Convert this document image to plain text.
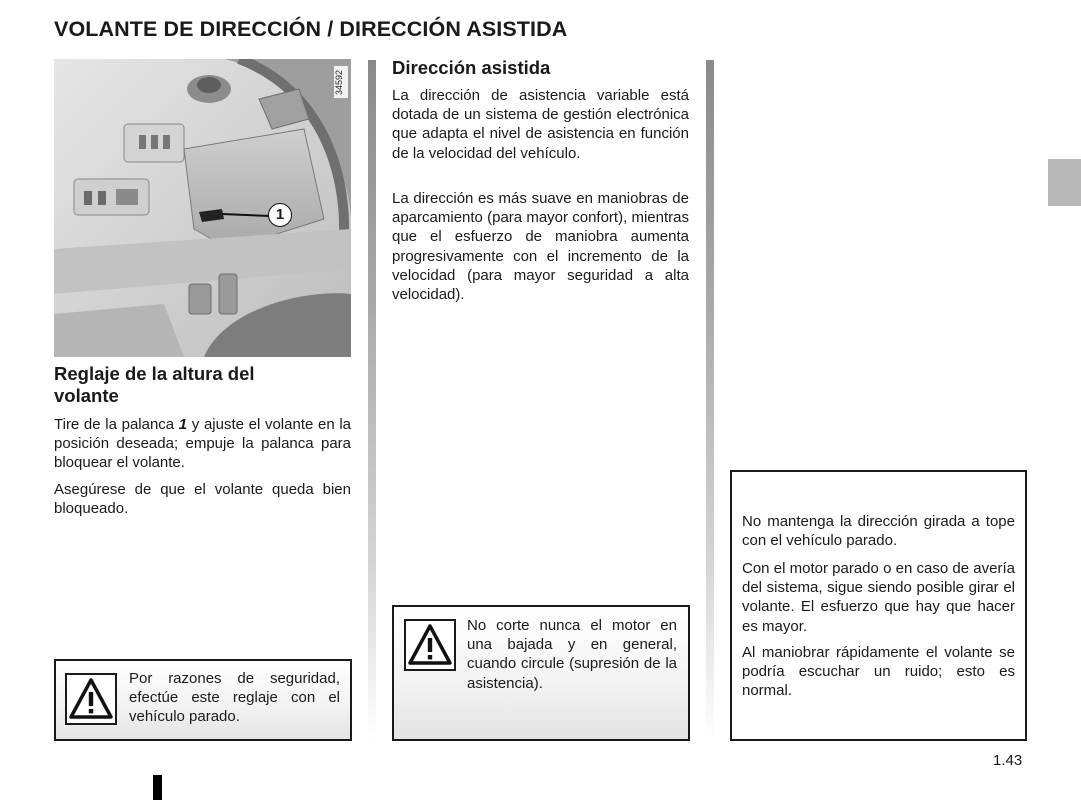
VOLANTE DE DIRECCIÓN / DIRECCIÓN ASISTIDA
34592
1
Reglaje de la altura del volante

Tire de la palanca 1 y ajuste el volante en la posición deseada; empuje la palanca para bloquear el volante.

Asegúrese de que el volante queda bien bloqueado.

Por razones de seguridad, efectúe este reglaje con el vehículo parado.

Dirección asistida

La dirección de asistencia variable está dotada de un sistema de gestión electrónica que adapta el nivel de asistencia en función de la velocidad del vehículo.

La dirección es más suave en maniobras de aparcamiento (para mayor confort), mientras que el esfuerzo de maniobra aumenta progresivamente con el incremento de la velocidad (para mayor seguridad a alta velocidad).

No corte nunca el motor en una bajada y en general, cuando circule (supresión de la asistencia).

No mantenga la dirección girada a tope con el vehículo parado.

Con el motor parado o en caso de avería del sistema, sigue siendo posible girar el volante. El esfuerzo que hay que hacer es mayor.

Al maniobrar rápidamente el volante se podría escuchar un ruido; esto es normal.

1.43
